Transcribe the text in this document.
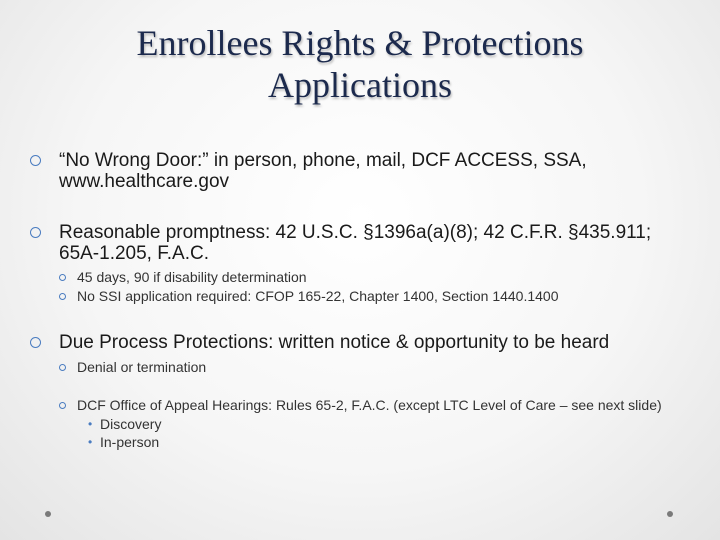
Enrollees Rights & Protections
Applications
“No Wrong Door:” in person, phone, mail, DCF ACCESS, SSA, www.healthcare.gov
Reasonable promptness: 42 U.S.C. §1396a(a)(8); 42 C.F.R. §435.911; 65A-1.205, F.A.C.
45 days, 90 if disability determination
No SSI application required: CFOP 165-22, Chapter 1400, Section 1440.1400
Due Process Protections: written notice & opportunity to be heard
Denial or termination
DCF Office of Appeal Hearings: Rules 65-2, F.A.C. (except LTC Level of Care – see next slide)
• Discovery
• In-person
